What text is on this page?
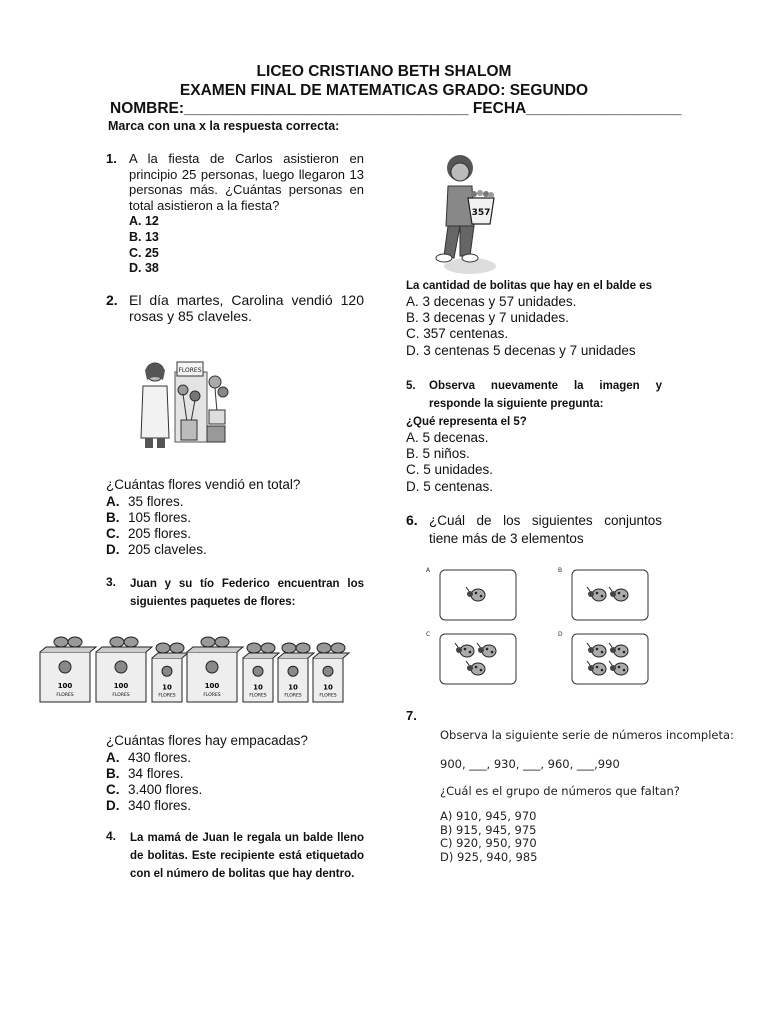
LICEO CRISTIANO BETH SHALOM
EXAMEN FINAL DE MATEMATICAS GRADO: SEGUNDO
NOMBRE:_________________________________ FECHA__________________
Marca con una x la respuesta correcta:
1. A la fiesta de Carlos asistieron en principio 25 personas, luego llegaron 13 personas más. ¿Cuántas personas en total asistieron a la fiesta?
A. 12
B. 13
C. 25
D. 38
2. El día martes, Carolina vendió 120 rosas y 85 claveles.
FLORES
¿Cuántas flores vendió en total?
A. 35 flores.
B. 105 flores.
C. 205 flores.
D. 205 claveles.
3. Juan y su tío Federico encuentran los siguientes paquetes de flores:
100
FLORES
100
FLORES
10
FLORES
100
FLORES
10
FLORES
10
FLORES
10
FLORES
¿Cuántas flores hay empacadas?
A. 430 flores.
B. 34 flores.
C. 3.400 flores.
D. 340 flores.
4. La mamá de Juan le regala un balde lleno de bolitas. Este recipiente está etiquetado con el número de bolitas que hay dentro.
357
La cantidad de bolitas que hay en el balde es
A. 3 decenas y 57 unidades.
B. 3 decenas y 7 unidades.
C. 357 centenas.
D. 3 centenas 5 decenas y 7 unidades
5. Observa nuevamente la imagen y responde la siguiente pregunta:
¿Qué representa el 5?
A. 5 decenas.
B. 5 niños.
C. 5 unidades.
D. 5 centenas.
6. ¿Cuál de los siguientes conjuntos tiene más de 3 elementos
A	B
C	D
7.
Observa la siguiente serie de números incompleta:
900, ___, 930, ___, 960, ___,990
¿Cuál es el grupo de números que faltan?
A) 910, 945, 970
B) 915, 945, 975
C) 920, 950, 970
D) 925, 940, 985
